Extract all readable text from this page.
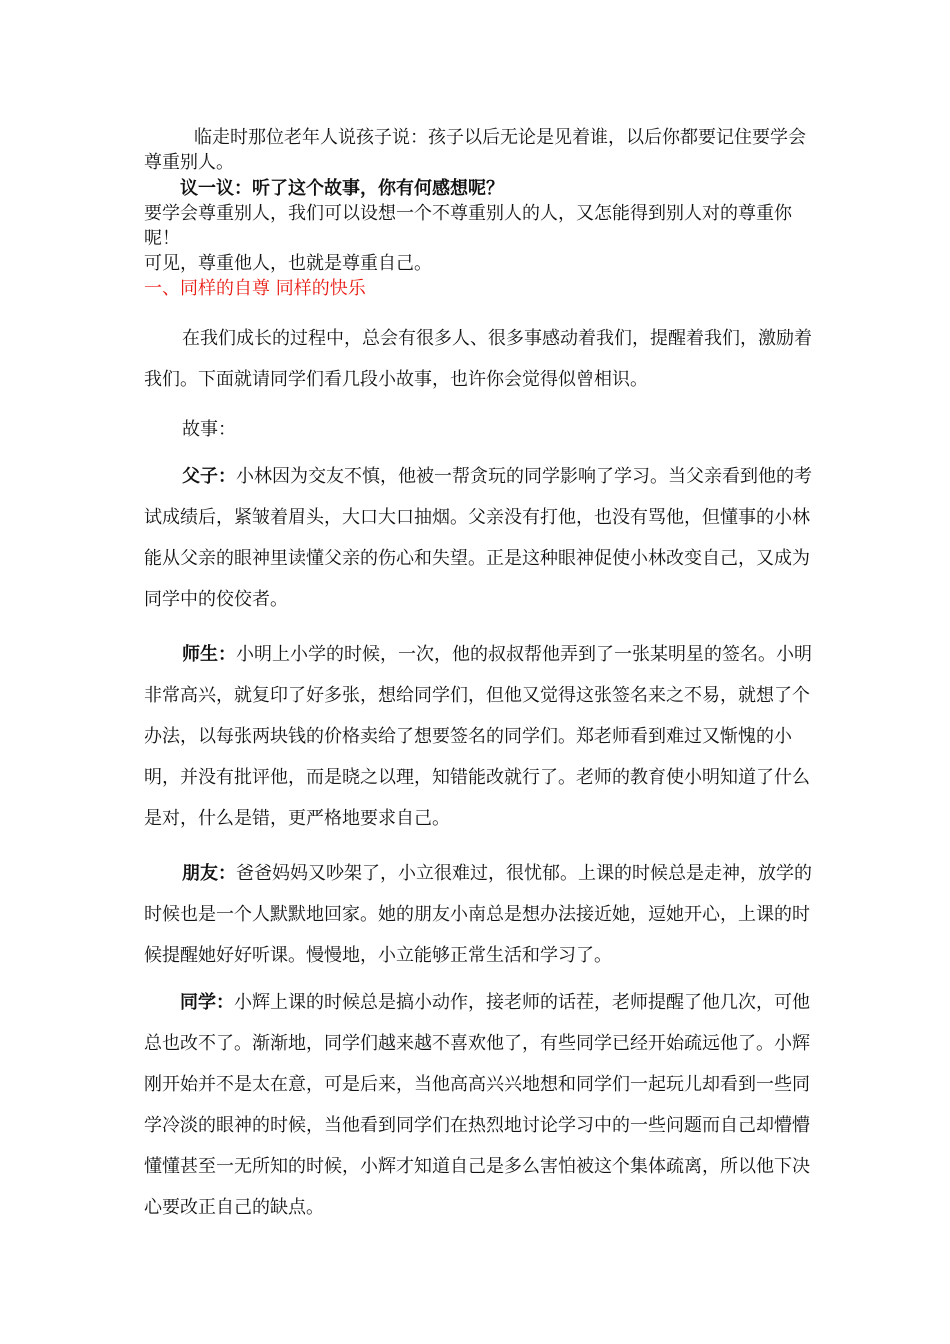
临走时那位老年人说孩子说：孩子以后无论是见着谁，以后你都要记住要学会尊重别人。

议一议：听了这个故事，你有何感想呢？

要学会尊重别人，我们可以设想一个不尊重别人的人，又怎能得到别人对的尊重你呢！

可见，尊重他人，也就是尊重自己。

一、同样的自尊 同样的快乐

在我们成长的过程中，总会有很多人、很多事感动着我们，提醒着我们，激励着我们。下面就请同学们看几段小故事，也许你会觉得似曾相识。

故事：

父子：小林因为交友不慎，他被一帮贪玩的同学影响了学习。当父亲看到他的考试成绩后，紧皱着眉头，大口大口抽烟。父亲没有打他，也没有骂他，但懂事的小林能从父亲的眼神里读懂父亲的伤心和失望。正是这种眼神促使小林改变自己，又成为同学中的佼佼者。

师生：小明上小学的时候，一次，他的叔叔帮他弄到了一张某明星的签名。小明非常高兴，就复印了好多张，想给同学们，但他又觉得这张签名来之不易，就想了个办法，以每张两块钱的价格卖给了想要签名的同学们。郑老师看到难过又惭愧的小明，并没有批评他，而是晓之以理，知错能改就行了。老师的教育使小明知道了什么是对，什么是错，更严格地要求自己。

朋友：爸爸妈妈又吵架了，小立很难过，很忧郁。上课的时候总是走神，放学的时候也是一个人默默地回家。她的朋友小南总是想办法接近她，逗她开心，上课的时候提醒她好好听课。慢慢地，小立能够正常生活和学习了。

同学：小辉上课的时候总是搞小动作，接老师的话茬，老师提醒了他几次，可他总也改不了。渐渐地，同学们越来越不喜欢他了，有些同学已经开始疏远他了。小辉刚开始并不是太在意，可是后来，当他高高兴兴地想和同学们一起玩儿却看到一些同学冷淡的眼神的时候，当他看到同学们在热烈地讨论学习中的一些问题而自己却懵懵懂懂甚至一无所知的时候，小辉才知道自己是多么害怕被这个集体疏离，所以他下决心要改正自己的缺点。
